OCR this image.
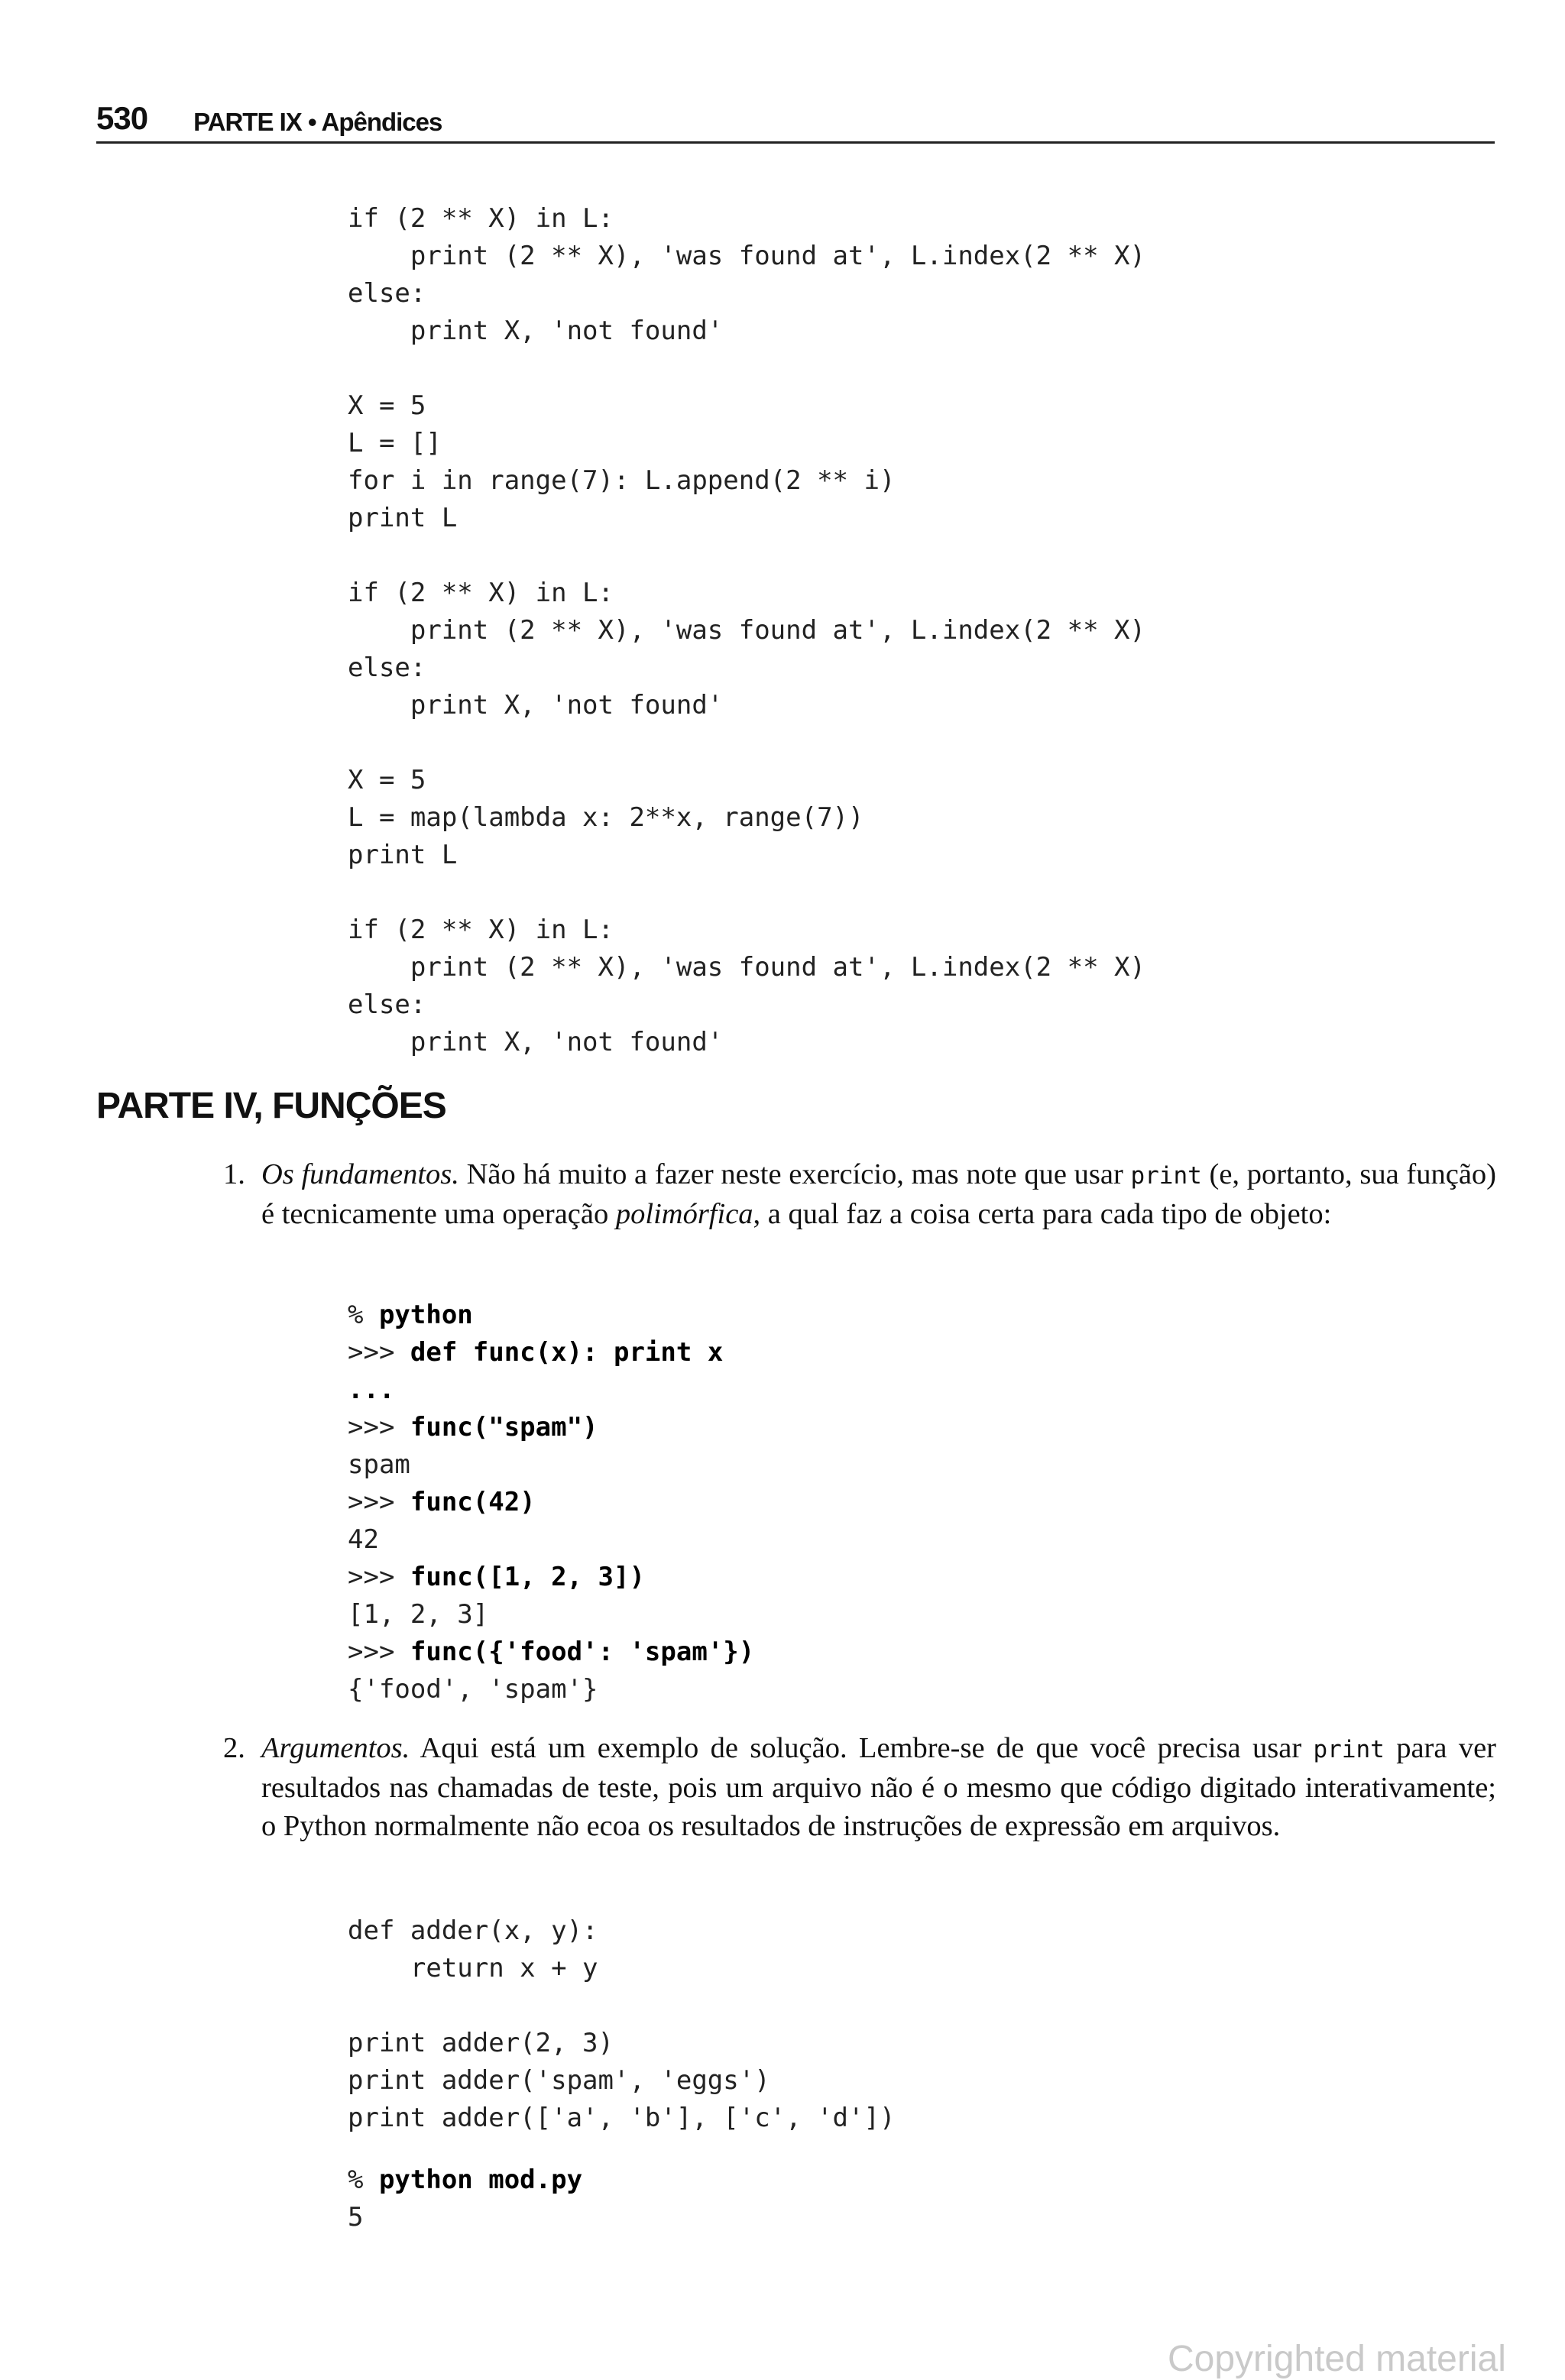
530 PARTE IX • Apêndices
if (2 ** X) in L:
print (2 ** X), 'was found at', L.index(2 ** X)
else:
print X, 'not found'

X = 5
L = []
for i in range(7): L.append(2 ** i)
print L

if (2 ** X) in L:
print (2 ** X), 'was found at', L.index(2 ** X)
else:
print X, 'not found'

X = 5
L = map(lambda x: 2**x, range(7))
print L

if (2 ** X) in L:
print (2 ** X), 'was found at', L.index(2 ** X)
else:
print X, 'not found'
PARTE IV, FUNÇÕES
1. Os fundamentos. Não há muito a fazer neste exercício, mas note que usar print (e, portanto, sua função) é tecnicamente uma operação polimórfica, a qual faz a coisa certa para cada tipo de objeto:
% python
>>> def func(x): print x
...
>>> func("spam")
spam
>>> func(42)
42
>>> func([1, 2, 3])
[1, 2, 3]
>>> func({'food': 'spam'})
{'food', 'spam'}
2. Argumentos. Aqui está um exemplo de solução. Lembre-se de que você precisa usar print para ver resultados nas chamadas de teste, pois um arquivo não é o mesmo que código digitado interativamente; o Python normalmente não ecoa os resultados de instruções de expressão em arquivos.
def adder(x, y):
return x + y

print adder(2, 3)
print adder('spam', 'eggs')
print adder(['a', 'b'], ['c', 'd'])
% python mod.py
5
Copyrighted material
